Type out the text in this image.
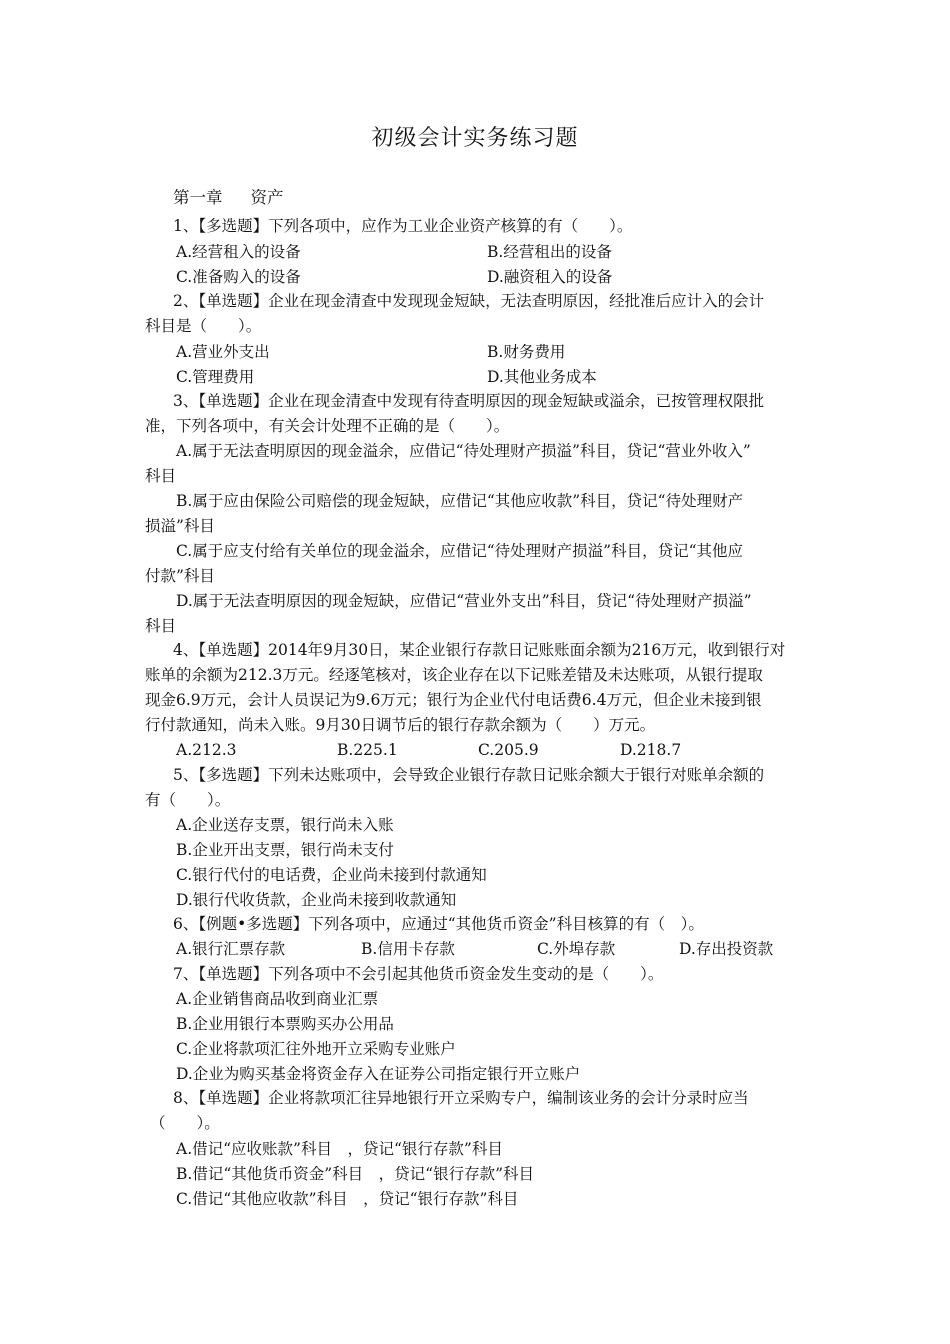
初级会计实务练习题
第一章 资产
1、【多选题】下列各项中，应作为工业企业资产核算的有（　　）。
A.经营租入的设备	B.经营租出的设备
C.准备购入的设备	D.融资租入的设备
2、【单选题】企业在现金清查中发现现金短缺，无法查明原因，经批准后应计入的会计
科目是（　　）。
A.营业外支出	B.财务费用
C.管理费用	D.其他业务成本
3、【单选题】企业在现金清查中发现有待查明原因的现金短缺或溢余，已按管理权限批
准，下列各项中，有关会计处理不正确的是（　　）。
A.属于无法查明原因的现金溢余，应借记“待处理财产损溢”科目，贷记“营业外收入”
科目
B.属于应由保险公司赔偿的现金短缺，应借记“其他应收款”科目，贷记“待处理财产
损溢”科目
C.属于应支付给有关单位的现金溢余，应借记“待处理财产损溢”科目，贷记“其他应
付款”科目
D.属于无法查明原因的现金短缺，应借记“营业外支出”科目，贷记“待处理财产损溢”
科目
4、【单选题】2014年9月30日，某企业银行存款日记账账面余额为216万元，收到银行对
账单的余额为212.3万元。经逐笔核对，该企业存在以下记账差错及未达账项，从银行提取
现金6.9万元，会计人员误记为9.6万元；银行为企业代付电话费6.4万元，但企业未接到银
行付款通知，尚未入账。9月30日调节后的银行存款余额为（　　）万元。
A.212.3	B.225.1	C.205.9	D.218.7
5、【多选题】下列未达账项中，会导致企业银行存款日记账余额大于银行对账单余额的
有（　　）。
A.企业送存支票，银行尚未入账
B.企业开出支票，银行尚未支付
C.银行代付的电话费，企业尚未接到付款通知
D.银行代收货款，企业尚未接到收款通知
6、【例题•多选题】下列各项中，应通过“其他货币资金”科目核算的有（　）。
A.银行汇票存款	B.信用卡存款	C.外埠存款	D.存出投资款
7、【单选题】下列各项中不会引起其他货币资金发生变动的是（　　）。
A.企业销售商品收到商业汇票
B.企业用银行本票购买办公用品
C.企业将款项汇往外地开立采购专业账户
D.企业为购买基金将资金存入在证券公司指定银行开立账户
8、【单选题】企业将款项汇往异地银行开立采购专户，编制该业务的会计分录时应当
（　　）。
A.借记“应收账款”科目　，贷记“银行存款”科目
B.借记“其他货币资金”科目　，贷记“银行存款”科目
C.借记“其他应收款”科目　，贷记“银行存款”科目
